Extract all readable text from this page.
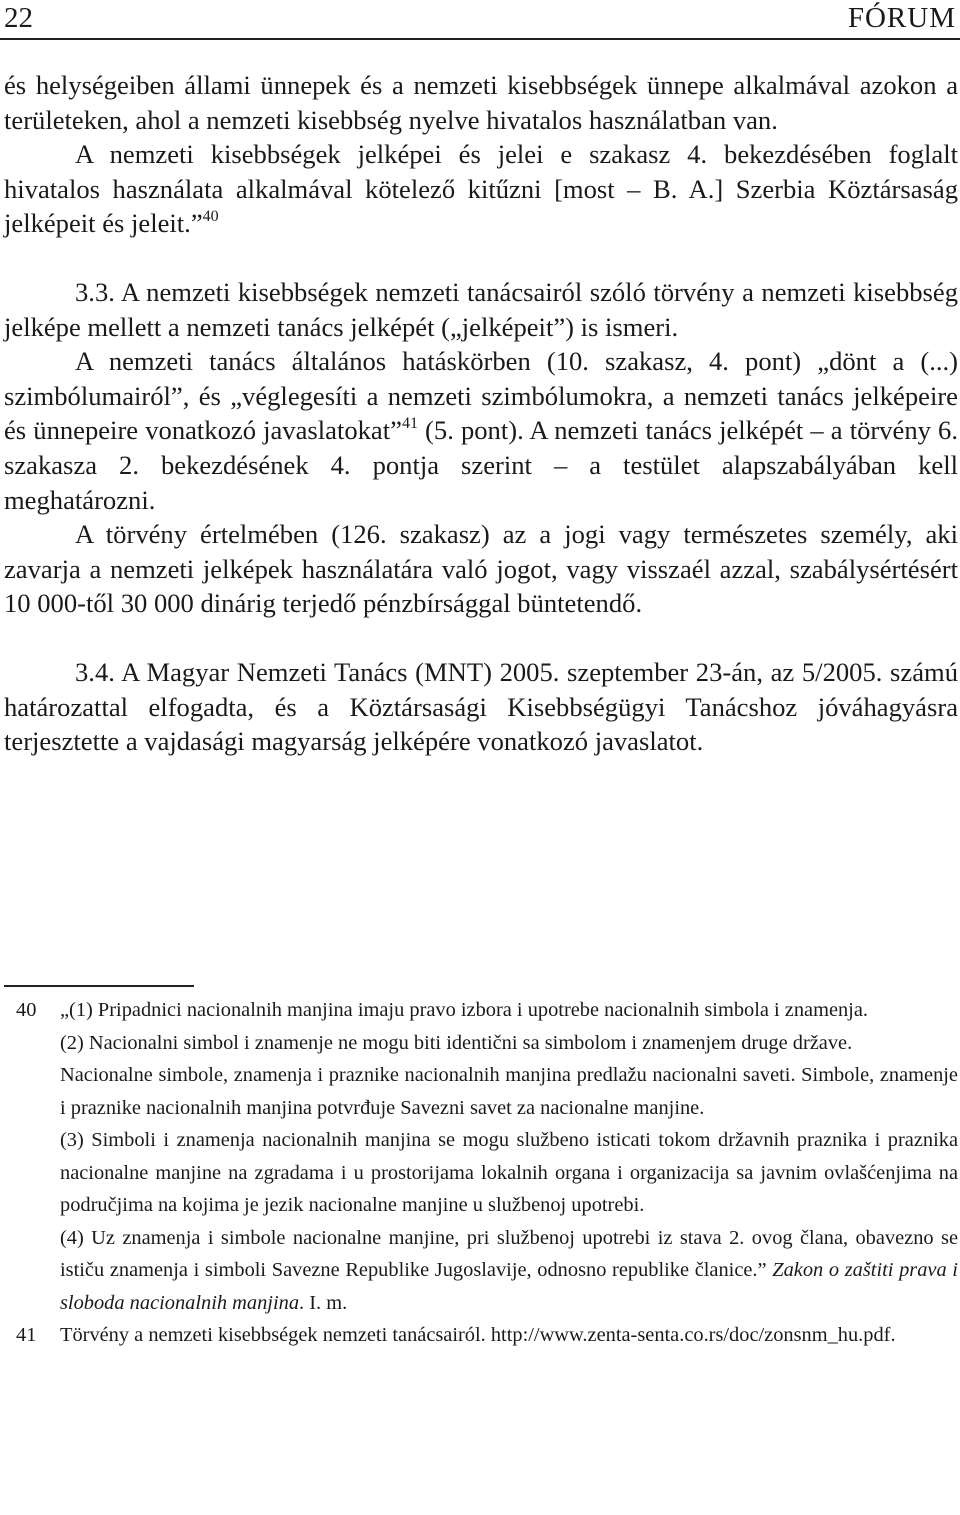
22	FÓRUM

és helységeiben állami ünnepek és a nemzeti kisebbségek ünnepe alkalmával azokon a területeken, ahol a nemzeti kisebbség nyelve hivatalos használatban van.

A nemzeti kisebbségek jelképei és jelei e szakasz 4. bekezdésében foglalt hivatalos használata alkalmával kötelező kitűzni [most – B. A.] Szerbia Köztársaság jelképeit és jeleit.”$^{40}$

3.3. A nemzeti kisebbségek nemzeti tanácsairól szóló törvény a nemzeti kisebbség jelképe mellett a nemzeti tanács jelképét („jelképeit”) is ismeri.

A nemzeti tanács általános hatáskörben (10. szakasz, 4. pont) „dönt a (...) szimbólumairól”, és „véglegesíti a nemzeti szimbólumokra, a nemzeti tanács jelképeire és ünnepeire vonatkozó javaslatokat”$^{41}$ (5. pont). A nemzeti tanács jelképét – a törvény 6. szakasza 2. bekezdésének 4. pontja szerint – a testület alapszabályában kell meghatározni.

A törvény értelmében (126. szakasz) az a jogi vagy természetes személy, aki zavarja a nemzeti jelképek használatára való jogot, vagy visszaél azzal, szabálysértésért 10 000-től 30 000 dinárig terjedő pénzbírsággal büntetendő.

3.4. A Magyar Nemzeti Tanács (MNT) 2005. szeptember 23-án, az 5/2005. számú határozattal elfogadta, és a Köztársasági Kisebbségügyi Tanácshoz jóváhagyásra terjesztette a vajdasági magyarság jelképére vonatkozó javaslatot.

40 „(1) Pripadnici nacionalnih manjina imaju pravo izbora i upotrebe nacionalnih simbola i znamenja.

(2) Nacionalni simbol i znamenje ne mogu biti identični sa simbolom i znamenjem druge države.

Nacionalne simbole, znamenja i praznike nacionalnih manjina predlažu nacionalni saveti. Simbole, znamenje i praznike nacionalnih manjina potvrđuje Savezni savet za nacionalne manjine.

(3) Simboli i znamenja nacionalnih manjina se mogu službeno isticati tokom državnih praznika i praznika nacionalne manjine na zgradama i u prostorijama lokalnih organa i organizacija sa javnim ovlašćenjima na područjima na kojima je jezik nacionalne manjine u službenoj upotrebi.

(4) Uz znamenja i simbole nacionalne manjine, pri službenoj upotrebi iz stava 2. ovog člana, obavezno se ističu znamenja i simboli Savezne Republike Jugoslavije, odnosno republike članice.” Zakon o zaštiti prava i sloboda nacionalnih manjina. I. m.

41 Törvény a nemzeti kisebbségek nemzeti tanácsairól. http://www.zenta-senta.co.rs/doc/zonsnm_hu.pdf.
